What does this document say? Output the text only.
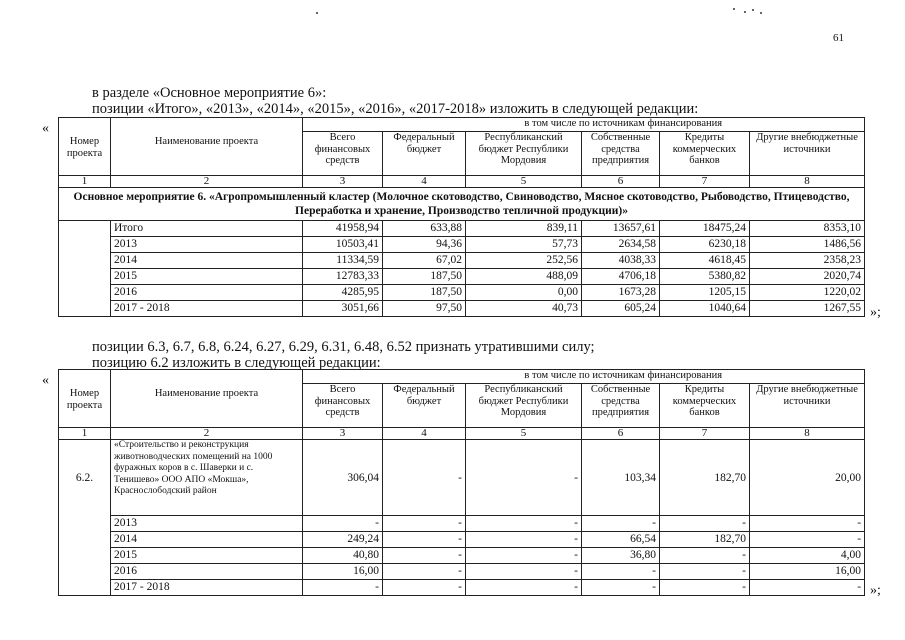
61
в разделе «Основное мероприятие 6»:
позиции «Итого», «2013», «2014», «2015», «2016», «2017-2018» изложить в следующей редакции:
«
Номер проекта	Наименование проекта		в том числе по источникам финансирования				
		Всего финансовых средств	Федеральный бюджет	Республиканский бюджет Республики Мордовия	Собственные средства предприятия	Кредиты коммерческих банков	Другие внебюджетные источники
1	2	3	4	5	6	7	8
Основное мероприятие 6. «Агропромышленный кластер (Молочное скотоводство, Свиноводство, Мясное скотоводство, Рыбоводство, Птицеводство, Переработка и хранение, Производство тепличной продукции)»							
	Итого	41958,94	633,88	839,11	13657,61	18475,24	8353,10
	2013	10503,41	94,36	57,73	2634,58	6230,18	1486,56
	2014	11334,59	67,02	252,56	4038,33	4618,45	2358,23
	2015	12783,33	187,50	488,09	4706,18	5380,82	2020,74
	2016	4285,95	187,50	0,00	1673,28	1205,15	1220,02
	2017 - 2018	3051,66	97,50	40,73	605,24	1040,64	1267,55 »;
позиции 6.3, 6.7, 6.8, 6.24, 6.27, 6.29, 6.31, 6.48, 6.52 признать утратившими силу;
позицию 6.2 изложить в следующей редакции:
«
Номер проекта	Наименование проекта		в том числе по источникам финансирования				
		Всего финансовых средств	Федеральный бюджет	Республиканский бюджет Республики Мордовия	Собственные средства предприятия	Кредиты коммерческих банков	Другие внебюджетные источники
1	2	3	4	5	6	7	8
6.2.	«Строительство и реконструкция животноводческих помещений на 1000 фуражных коров в с. Шаверки и с. Тенишево» ООО АПО «Мокша», Краснослободский район	306,04	-	-	103,34	182,70	20,00
	2013	-	-	-	-	-	-
	2014	249,24	-	-	66,54	182,70	-
	2015	40,80	-	-	36,80	-	4,00
	2016	16,00	-	-	-	-	16,00
	2017 - 2018	-	-	-	-	-	- »;
